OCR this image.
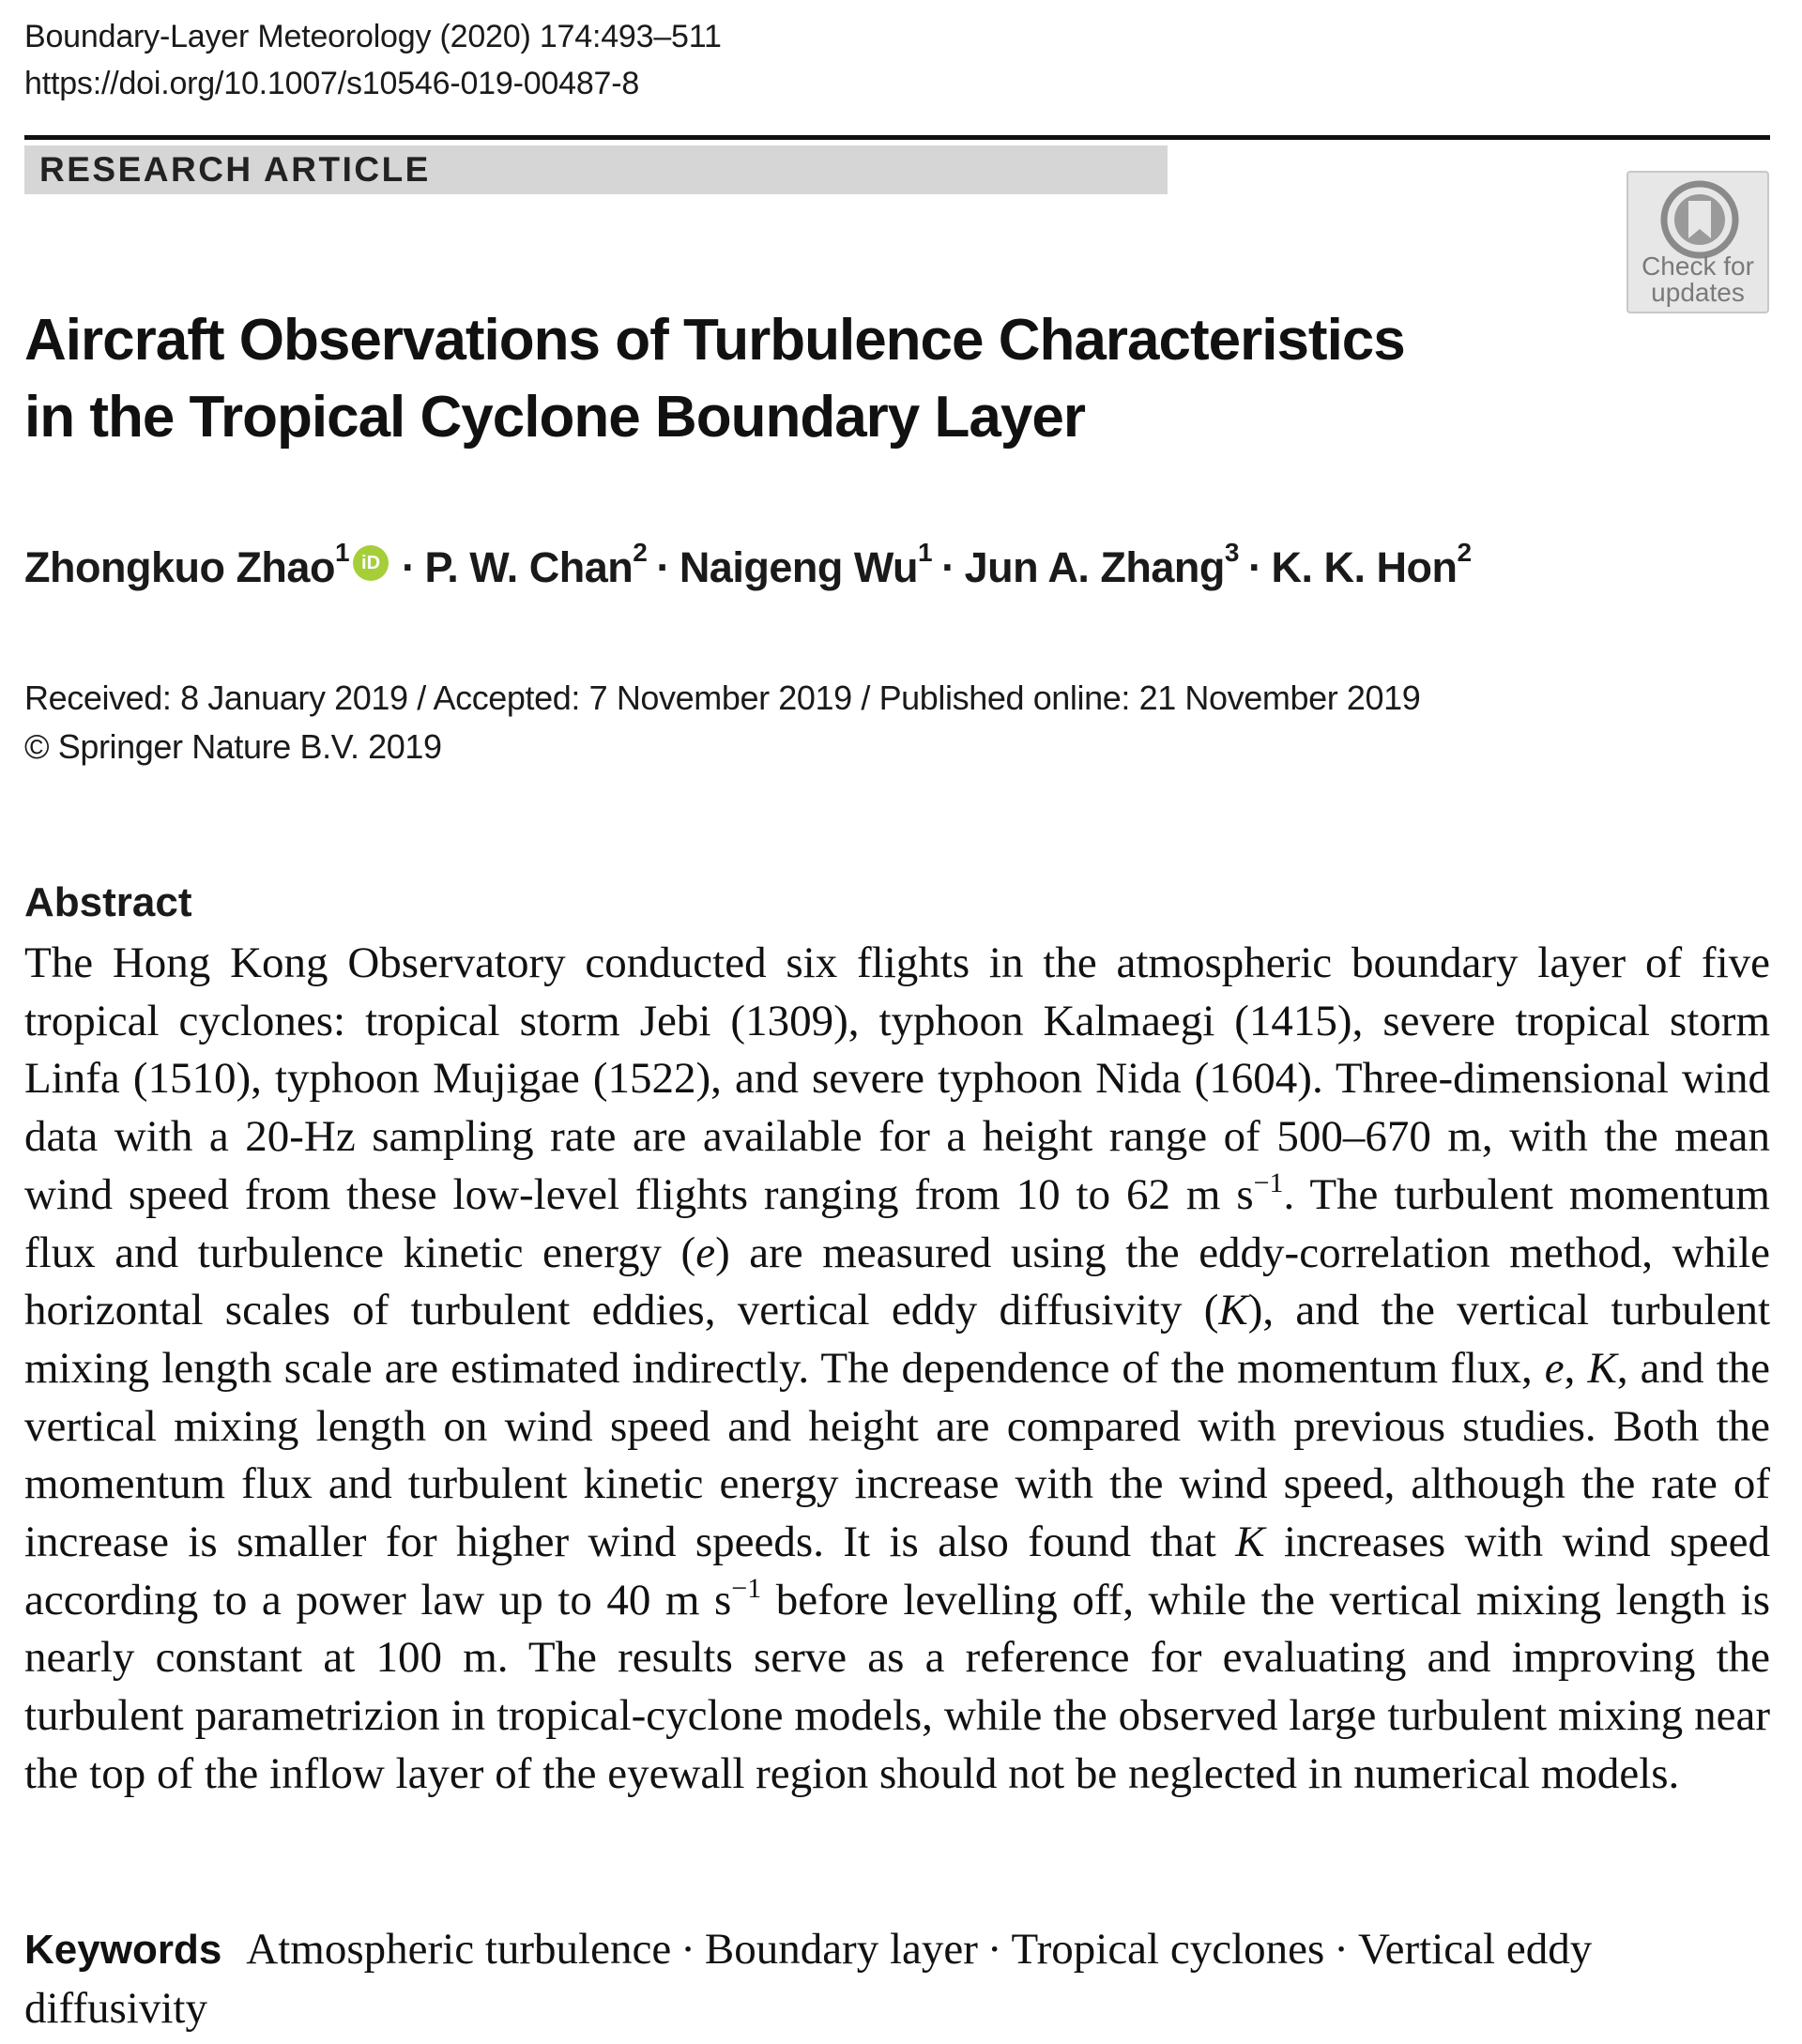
Boundary-Layer Meteorology (2020) 174:493–511
https://doi.org/10.1007/s10546-019-00487-8
RESEARCH ARTICLE
Check for
updates
Aircraft Observations of Turbulence Characteristics
in the Tropical Cyclone Boundary Layer
Zhongkuo Zhao$^1$ iD · P. W. Chan$^2$ · Naigeng $Wu^1$ · Jun A. Zhang$^3$ · K. K. Hon$^2$
Received: 8 January 2019 / Accepted: 7 November 2019 / Published online: 21 November 2019
© Springer Nature B.V. 2019
Abstract

The Hong Kong Observatory conducted six flights in the atmospheric boundary layer of five tropical cyclones: tropical storm Jebi (1309), typhoon Kalmaegi (1415), severe tropical storm Linfa (1510), typhoon Mujigae (1522), and severe typhoon Nida (1604). Three-dimensional wind data with a 20-Hz sampling rate are available for a height range of 500–670 m, with the mean wind speed from these low-level flights ranging from 10 to 62 m $s^{-1}$. The turbulent momentum flux and turbulence kinetic energy (e) are measured using the eddy-correlation method, while horizontal scales of turbulent eddies, vertical eddy diffusivity (K), and the vertical turbulent mixing length scale are estimated indirectly. The dependence of the momentum flux, e, K, and the vertical mixing length on wind speed and height are compared with previous studies. Both the momentum flux and turbulent kinetic energy increase with the wind speed, although the rate of increase is smaller for higher wind speeds. It is also found that K increases with wind speed according to a power law up to 40 m $s^{-1}$ before levelling off, while the vertical mixing length is nearly constant at 100 m. The results serve as a reference for evaluating and improving the turbulent parametrizion in tropical-cyclone models, while the observed large turbulent mixing near the top of the inflow layer of the eyewall region should not be neglected in numerical models.

Keywords Atmospheric turbulence · Boundary layer · Tropical cyclones · Vertical eddy diffusivity
